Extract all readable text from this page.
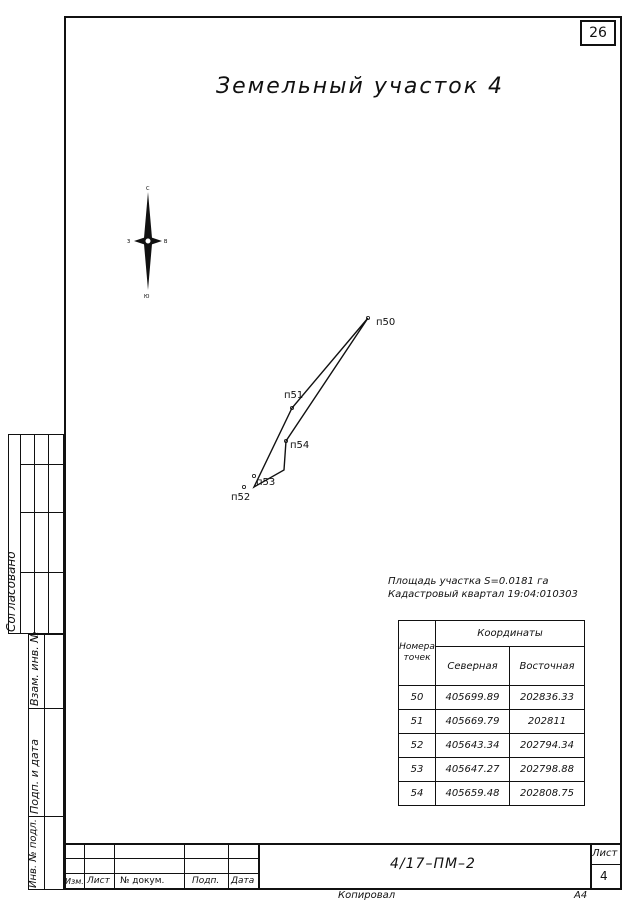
26
Земельный участок 4
С
Ю
З	В
п50
п51
п54
п53
п52
Площадь участка S=0.0181 га
Кадастровый квартал 19:04:010303
Номера точек	Координаты	
	Северная	Восточная
50	405699.89	202836.33
51	405669.79	202811
52	405643.34	202794.34
53	405647.27	202798.88
54	405659.48	202808.75
Согласовано
Взам. инв. №
Подп. и дата
Инв. № подл.	Изм. Лист № докум.	Подп. Дата
4/17–ПМ–2
Лист
4
Копировал	А4
